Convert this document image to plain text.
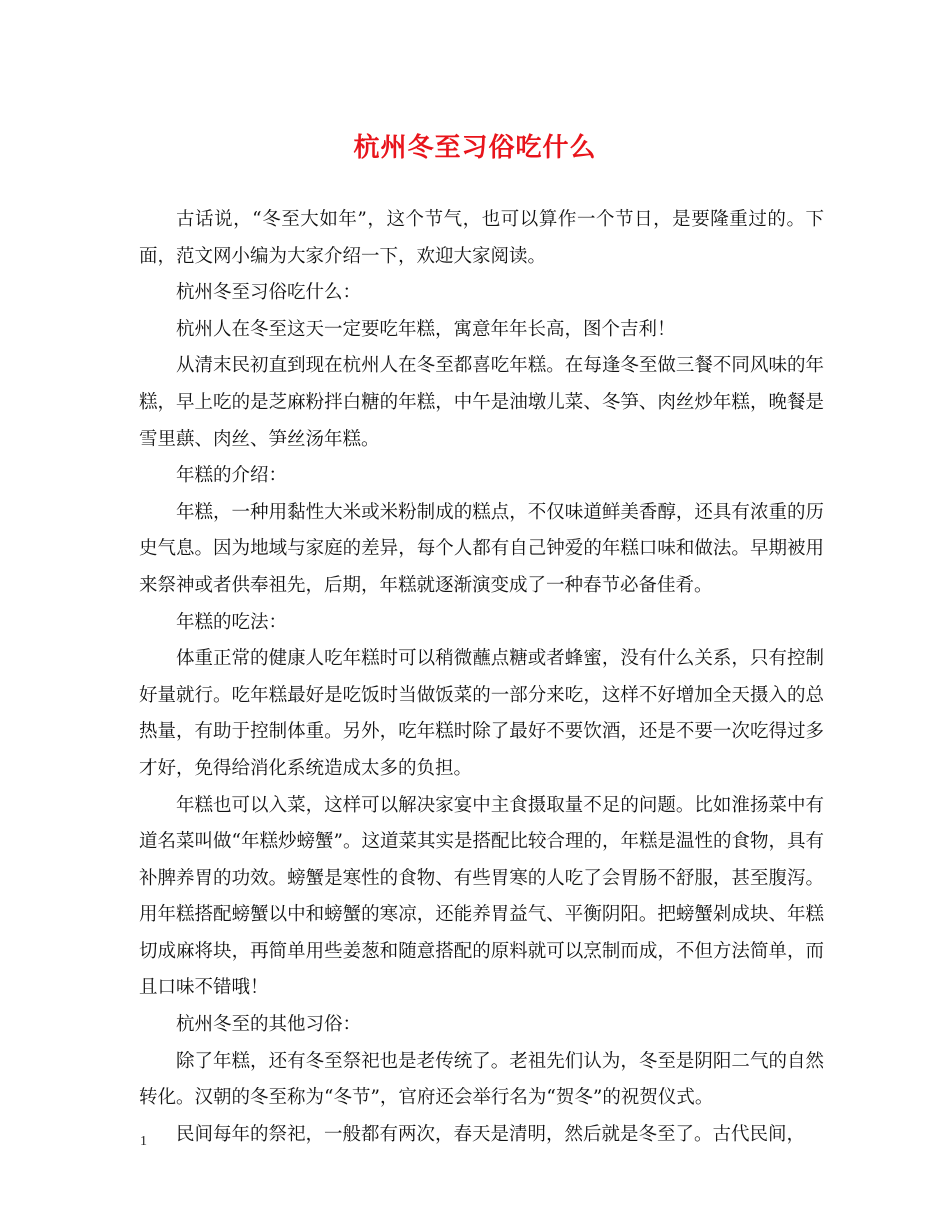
杭州冬至习俗吃什么

古话说，“冬至大如年”，这个节气，也可以算作一个节日，是要隆重过的。下面，范文网小编为大家介绍一下，欢迎大家阅读。

杭州冬至习俗吃什么：

杭州人在冬至这天一定要吃年糕，寓意年年长高，图个吉利！

从清末民初直到现在杭州人在冬至都喜吃年糕。在每逢冬至做三餐不同风味的年糕，早上吃的是芝麻粉拌白糖的年糕，中午是油墩儿菜、冬笋、肉丝炒年糕，晚餐是雪里蕻、肉丝、笋丝汤年糕。

年糕的介绍：

年糕，一种用黏性大米或米粉制成的糕点，不仅味道鲜美香醇，还具有浓重的历史气息。因为地域与家庭的差异，每个人都有自己钟爱的年糕口味和做法。早期被用来祭神或者供奉祖先，后期，年糕就逐渐演变成了一种春节必备佳肴。

年糕的吃法：

体重正常的健康人吃年糕时可以稍微蘸点糖或者蜂蜜，没有什么关系，只有控制好量就行。吃年糕最好是吃饭时当做饭菜的一部分来吃，这样不好增加全天摄入的总热量，有助于控制体重。另外，吃年糕时除了最好不要饮酒，还是不要一次吃得过多才好，免得给消化系统造成太多的负担。

年糕也可以入菜，这样可以解决家宴中主食摄取量不足的问题。比如淮扬菜中有道名菜叫做“年糕炒螃蟹”。这道菜其实是搭配比较合理的，年糕是温性的食物，具有补脾养胃的功效。螃蟹是寒性的食物、有些胃寒的人吃了会胃肠不舒服，甚至腹泻。用年糕搭配螃蟹以中和螃蟹的寒凉，还能养胃益气、平衡阴阳。把螃蟹剁成块、年糕切成麻将块，再简单用些姜葱和随意搭配的原料就可以烹制而成，不但方法简单，而且口味不错哦！

杭州冬至的其他习俗：

除了年糕，还有冬至祭祀也是老传统了。老祖先们认为，冬至是阴阳二气的自然转化。汉朝的冬至称为“冬节”，官府还会举行名为“贺冬”的祝贺仪式。

民间每年的祭祀，一般都有两次，春天是清明，然后就是冬至了。古代民间，

1
